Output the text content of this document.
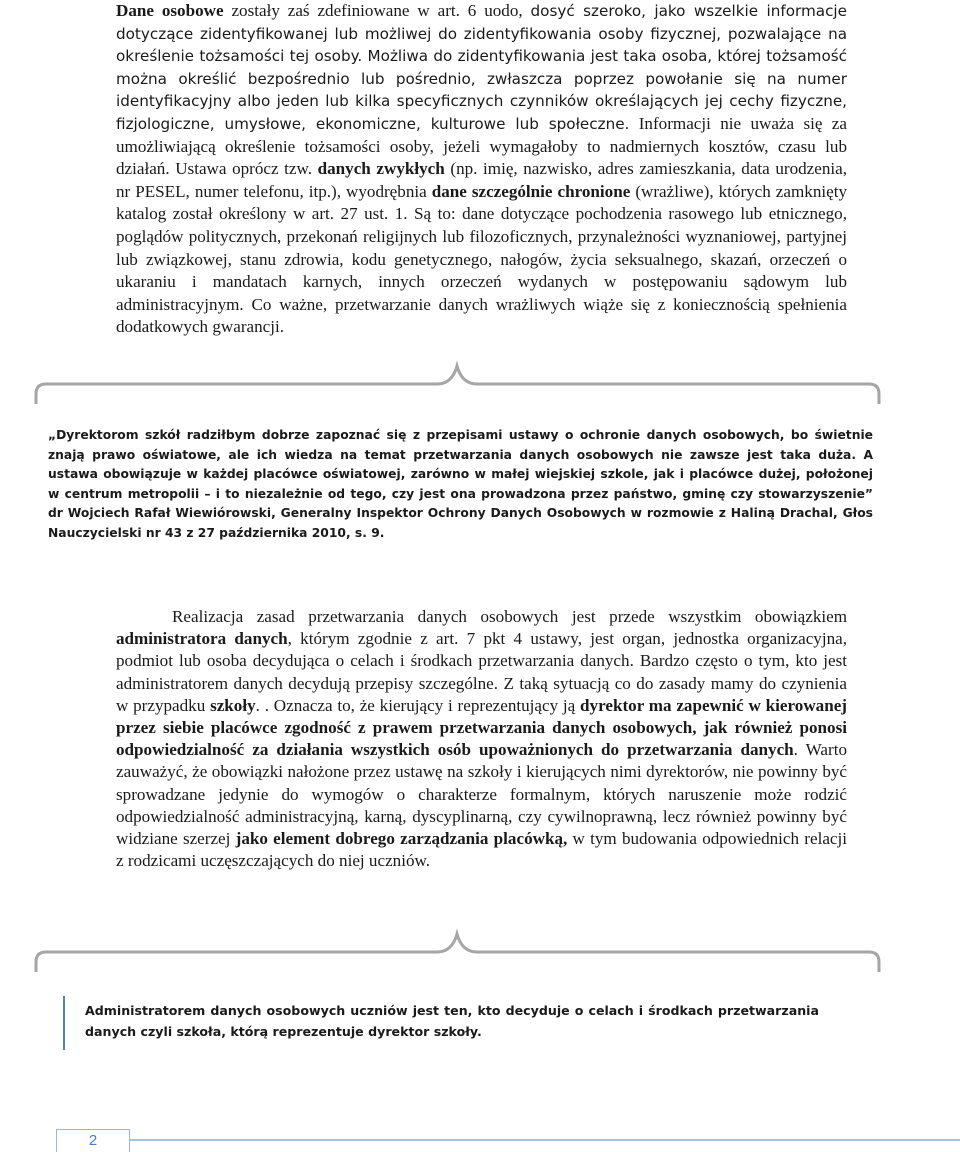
Dane osobowe zostały zaś zdefiniowane w art. 6 uodo, dosyć szeroko, jako wszelkie informacje dotyczące zidentyfikowanej lub możliwej do zidentyfikowania osoby fizycznej, pozwalające na określenie tożsamości tej osoby. Możliwa do zidentyfikowania jest taka osoba, której tożsamość można określić bezpośrednio lub pośrednio, zwłaszcza poprzez powołanie się na numer identyfikacyjny albo jeden lub kilka specyficznych czynników określających jej cechy fizyczne, fizjologiczne, umysłowe, ekonomiczne, kulturowe lub społeczne. Informacji nie uważa się za umożliwiającą określenie tożsamości osoby, jeżeli wymagałoby to nadmiernych kosztów, czasu lub działań. Ustawa oprócz tzw. danych zwykłych (np. imię, nazwisko, adres zamieszkania, data urodzenia, nr PESEL, numer telefonu, itp.), wyodrębnia dane szczególnie chronione (wrażliwe), których zamknięty katalog został określony w art. 27 ust. 1. Są to: dane dotyczące pochodzenia rasowego lub etnicznego, poglądów politycznych, przekonań religijnych lub filozoficznych, przynależności wyznaniowej, partyjnej lub związkowej, stanu zdrowia, kodu genetycznego, nałogów, życia seksualnego, skazań, orzeczeń o ukaraniu i mandatach karnych, innych orzeczeń wydanych w postępowaniu sądowym lub administracyjnym. Co ważne, przetwarzanie danych wrażliwych wiąże się z koniecznością spełnienia dodatkowych gwarancji.

„Dyrektorom szkół radziłbym dobrze zapoznać się z przepisami ustawy o ochronie danych osobowych, bo świetnie znają prawo oświatowe, ale ich wiedza na temat przetwarzania danych osobowych nie zawsze jest taka duża. A ustawa obowiązuje w każdej placówce oświatowej, zarówno w małej wiejskiej szkole, jak i placówce dużej, położonej w centrum metropolii – i to niezależnie od tego, czy jest ona prowadzona przez państwo, gminę czy stowarzyszenie” dr Wojciech Rafał Wiewiórowski, Generalny Inspektor Ochrony Danych Osobowych w rozmowie z Haliną Drachal, Głos Nauczycielski nr 43 z 27 października 2010, s. 9.

Realizacja zasad przetwarzania danych osobowych jest przede wszystkim obowiązkiem administratora danych, którym zgodnie z art. 7 pkt 4 ustawy, jest organ, jednostka organizacyjna, podmiot lub osoba decydująca o celach i środkach przetwarzania danych. Bardzo często o tym, kto jest administratorem danych decydują przepisy szczególne. Z taką sytuacją co do zasady mamy do czynienia w przypadku szkoły. . Oznacza to, że kierujący i reprezentujący ją dyrektor ma zapewnić w kierowanej przez siebie placówce zgodność z prawem przetwarzania danych osobowych, jak również ponosi odpowiedzialność za działania wszystkich osób upoważnionych do przetwarzania danych. Warto zauważyć, że obowiązki nałożone przez ustawę na szkoły i kierujących nimi dyrektorów, nie powinny być sprowadzane jedynie do wymogów o charakterze formalnym, których naruszenie może rodzić odpowiedzialność administracyjną, karną, dyscyplinarną, czy cywilnoprawną, lecz również powinny być widziane szerzej jako element dobrego zarządzania placówką, w tym budowania odpowiednich relacji z rodzicami uczęszczających do niej uczniów.

Administratorem danych osobowych uczniów jest ten, kto decyduje o celach i środkach przetwarzania danych czyli szkoła, którą reprezentuje dyrektor szkoły.

2
